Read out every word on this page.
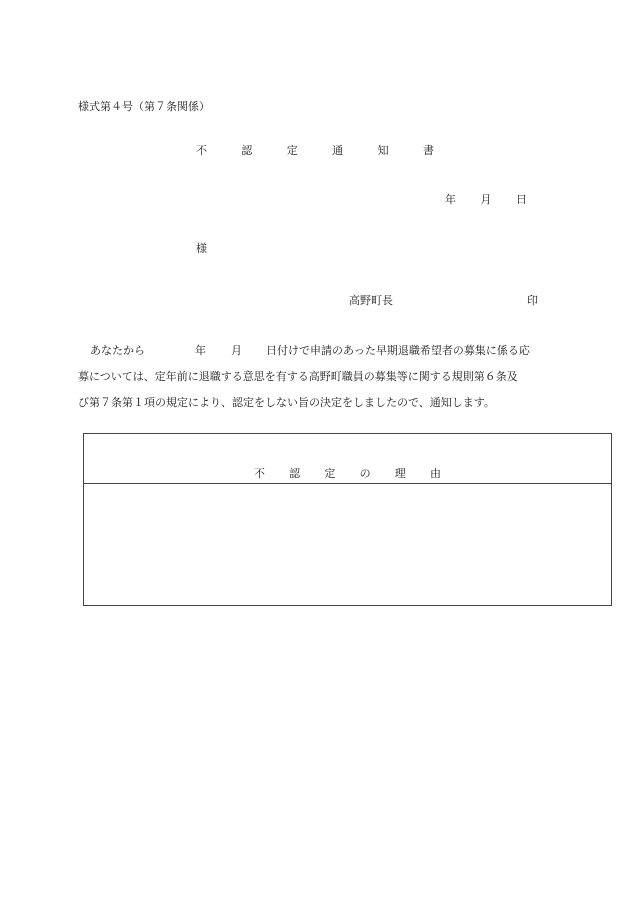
様式第４号（第７条関係）
不	認	定	通	知	書
年 月 日
様
高野町長	印
あなたから	年 月 日付けで申請のあった早期退職希望者の募集に係る応
募については、定年前に退職する意思を有する高野町職員の募集等に関する規則第６条及
び第７条第１項の規定により、認定をしない旨の決定をしましたので、通知します。
不 認 定 の 理 由
